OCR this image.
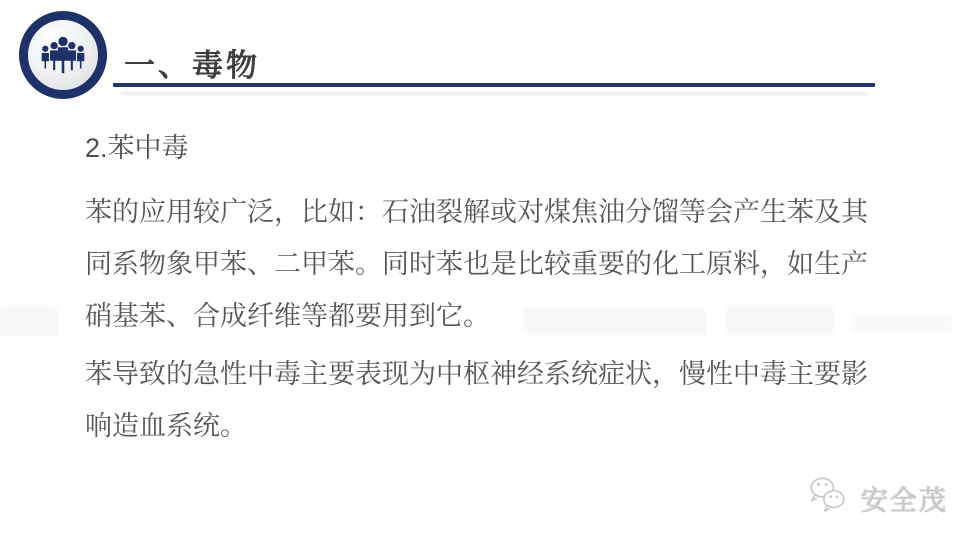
一、毒物
2.苯中毒
苯的应用较广泛，比如：石油裂解或对煤焦油分馏等会产生苯及其
同系物象甲苯、二甲苯。同时苯也是比较重要的化工原料，如生产
硝基苯、合成纤维等都要用到它。
苯导致的急性中毒主要表现为中枢神经系统症状，慢性中毒主要影
响造血系统。
安全茂
